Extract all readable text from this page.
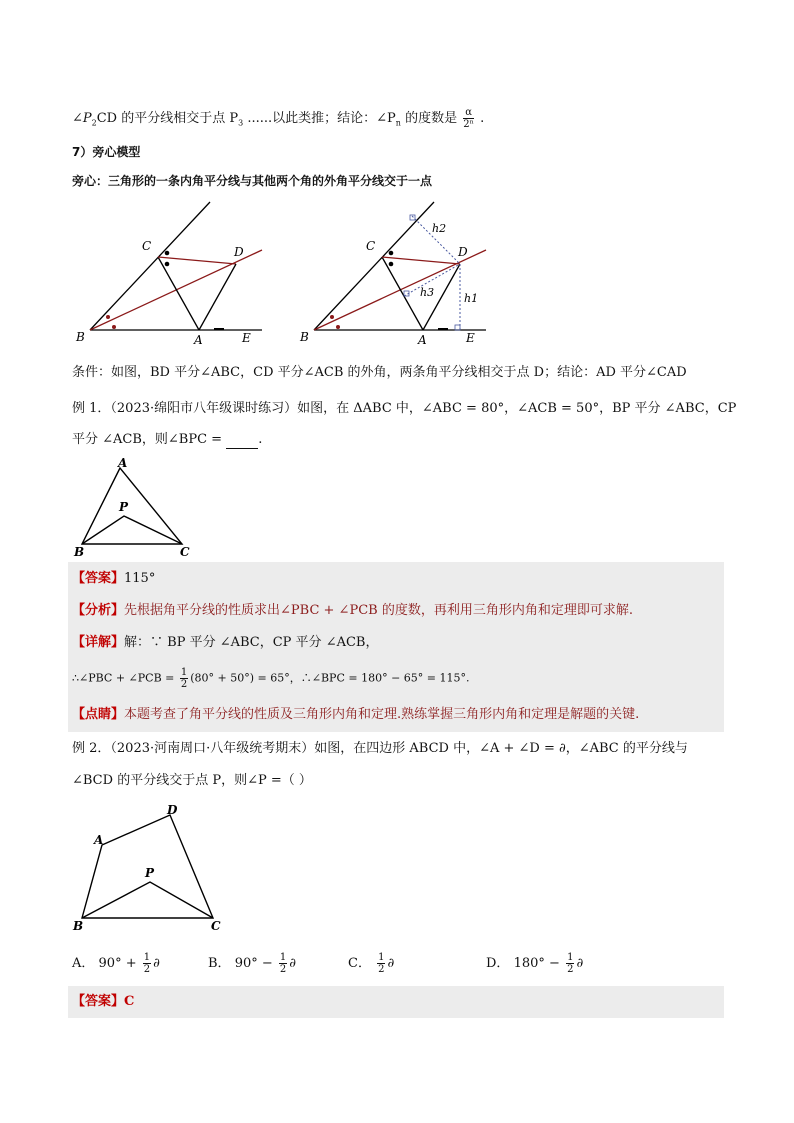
$\angle P_2CD$ 的平分线相交于点 $P_3$ ......以此类推；结论：$\angle P_n$ 的度数是 $\frac{\alpha}{\text{2ⁿ}}$ .
7）旁心模型
旁心：三角形的一条内角平分线与其他两个角的外角平分线交于一点
B
C
A
D
E	B
C
A
D
E
h2
h1
h3
条件：如图，BD 平分∠ABC，CD 平分∠ACB 的外角，两条角平分线相交于点 D；结论：AD 平分∠CAD
例 1．（2023·绵阳市八年级课时练习）如图，在 ΔABC 中，∠ABC = 80°，∠ACB = 50°，BP 平分 ∠ABC，CP
平分 ∠ACB，则∠BPC =	.
A
P
B	C
【答案】115°
【分析】先根据角平分线的性质求出∠PBC + ∠PCB 的度数，再利用三角形内角和定理即可求解.
【详解】解：∵ BP 平分 ∠ABC，CP 平分 ∠ACB，
∴∠PBC + ∠PCB = $\frac{1}{2} (80^\circ + 50^\circ) = 65^\circ$，∴∠BPC = 180° − 65° = 115°.
【点睛】本题考查了角平分线的性质及三角形内角和定理.熟练掌握三角形内角和定理是解题的关键.
例 2．（2023·河南周口·八年级统考期末）如图，在四边形 ABCD 中，∠A + ∠D = ∂，∠ABC 的平分线与
∠BCD 的平分线交于点 P，则∠P =（ ）
A
D
P
B	C
A． $90^\circ + \frac{1}{2}$ ∂	B． $90^\circ - \frac{1}{2}$ ∂	C． $\frac{1}{2}$ ∂	D． $180^\circ - \frac{1}{2}$ ∂
【答案】C
